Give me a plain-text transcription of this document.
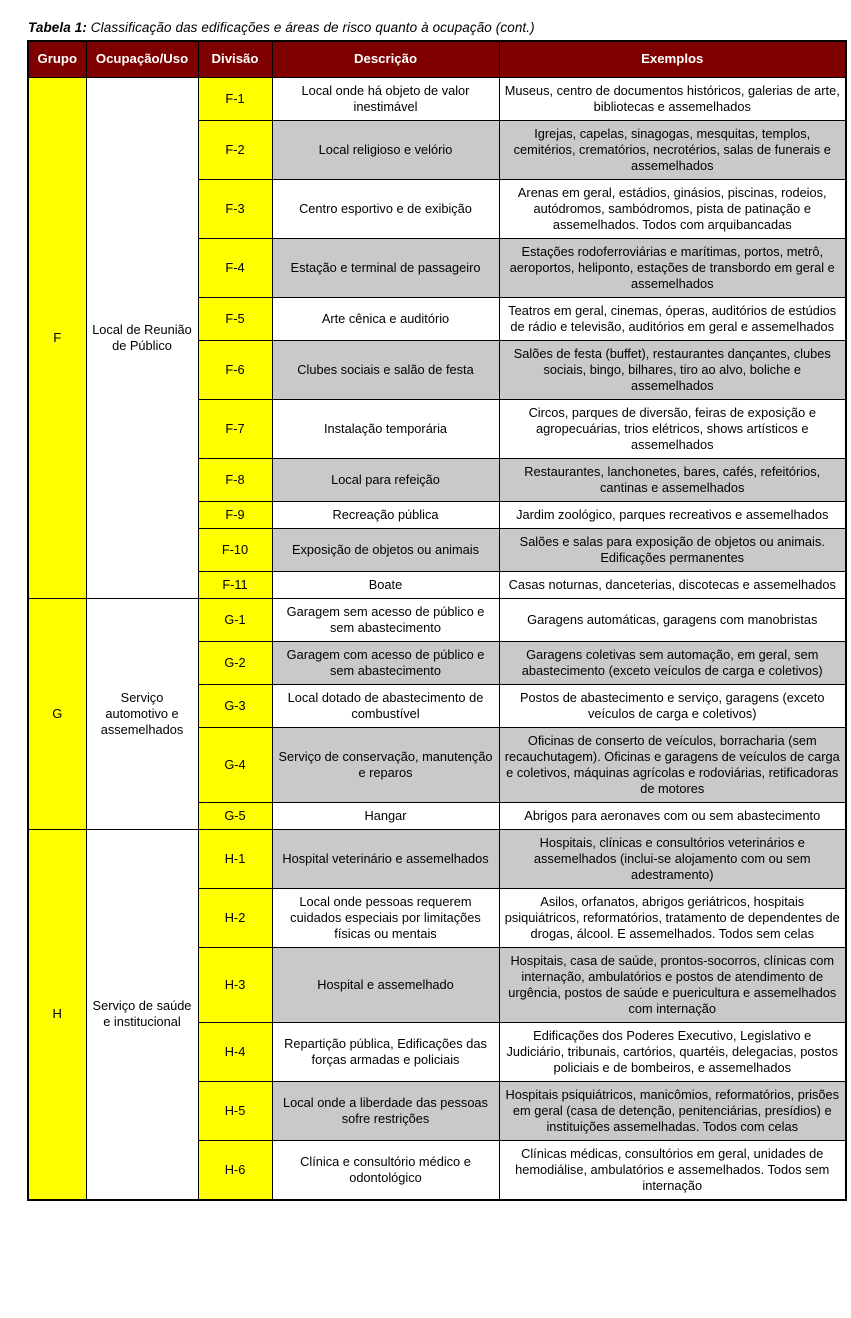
Tabela 1: Classificação das edificações e áreas de risco quanto à ocupação (cont.)

Grupo	Ocupação/Uso	Divisão	Descrição	Exemplos
F	Local de Reunião de Público	F-1	Local onde há objeto de valor inestimável	Museus, centro de documentos históricos, galerias de arte, bibliotecas e assemelhados
		F-2	Local religioso e velório	Igrejas, capelas, sinagogas, mesquitas, templos, cemitérios, crematórios, necrotérios, salas de funerais e assemelhados
		F-3	Centro esportivo e de exibição	Arenas em geral, estádios, ginásios, piscinas, rodeios, autódromos, sambódromos, pista de patinação e assemelhados. Todos com arquibancadas
		F-4	Estação e terminal de passageiro	Estações rodoferroviárias e marítimas, portos, metrô, aeroportos, heliponto, estações de transbordo em geral e assemelhados
		F-5	Arte cênica e auditório	Teatros em geral, cinemas, óperas, auditórios de estúdios de rádio e televisão, auditórios em geral e assemelhados
		F-6	Clubes sociais e salão de festa	Salões de festa (buffet), restaurantes dançantes, clubes sociais, bingo, bilhares, tiro ao alvo, boliche e assemelhados
		F-7	Instalação temporária	Circos, parques de diversão, feiras de exposição e agropecuárias, trios elétricos, shows artísticos e assemelhados
		F-8	Local para refeição	Restaurantes, lanchonetes, bares, cafés, refeitórios, cantinas e assemelhados
		F-9	Recreação pública	Jardim zoológico, parques recreativos e assemelhados
		F-10	Exposição de objetos ou animais	Salões e salas para exposição de objetos ou animais. Edificações permanentes
		F-11	Boate	Casas noturnas, danceterias, discotecas e assemelhados
G	Serviço automotivo e assemelhados	G-1	Garagem sem acesso de público e sem abastecimento	Garagens automáticas, garagens com manobristas
		G-2	Garagem com acesso de público e sem abastecimento	Garagens coletivas sem automação, em geral, sem abastecimento (exceto veículos de carga e coletivos)
		G-3	Local dotado de abastecimento de combustível	Postos de abastecimento e serviço, garagens (exceto veículos de carga e coletivos)
		G-4	Serviço de conservação, manutenção e reparos	Oficinas de conserto de veículos, borracharia (sem recauchutagem). Oficinas e garagens de veículos de carga e coletivos, máquinas agrícolas e rodoviárias, retificadoras de motores
		G-5	Hangar	Abrigos para aeronaves com ou sem abastecimento
H	Serviço de saúde e institucional	H-1	Hospital veterinário e assemelhados	Hospitais, clínicas e consultórios veterinários e assemelhados (inclui-se alojamento com ou sem adestramento)
		H-2	Local onde pessoas requerem cuidados especiais por limitações físicas ou mentais	Asilos, orfanatos, abrigos geriátricos, hospitais psiquiátricos, reformatórios, tratamento de dependentes de drogas, álcool. E assemelhados. Todos sem celas
		H-3	Hospital e assemelhado	Hospitais, casa de saúde, prontos-socorros, clínicas com internação, ambulatórios e postos de atendimento de urgência, postos de saúde e puericultura e assemelhados com internação
		H-4	Repartição pública, Edificações das forças armadas e policiais	Edificações dos Poderes Executivo, Legislativo e Judiciário, tribunais, cartórios, quartéis, delegacias, postos policiais e de bombeiros, e assemelhados
		H-5	Local onde a liberdade das pessoas sofre restrições	Hospitais psiquiátricos, manicômios, reformatórios, prisões em geral (casa de detenção, penitenciárias, presídios) e instituições assemelhadas. Todos com celas
		H-6	Clínica e consultório médico e odontológico	Clínicas médicas, consultórios em geral, unidades de hemodiálise, ambulatórios e assemelhados. Todos sem internação
